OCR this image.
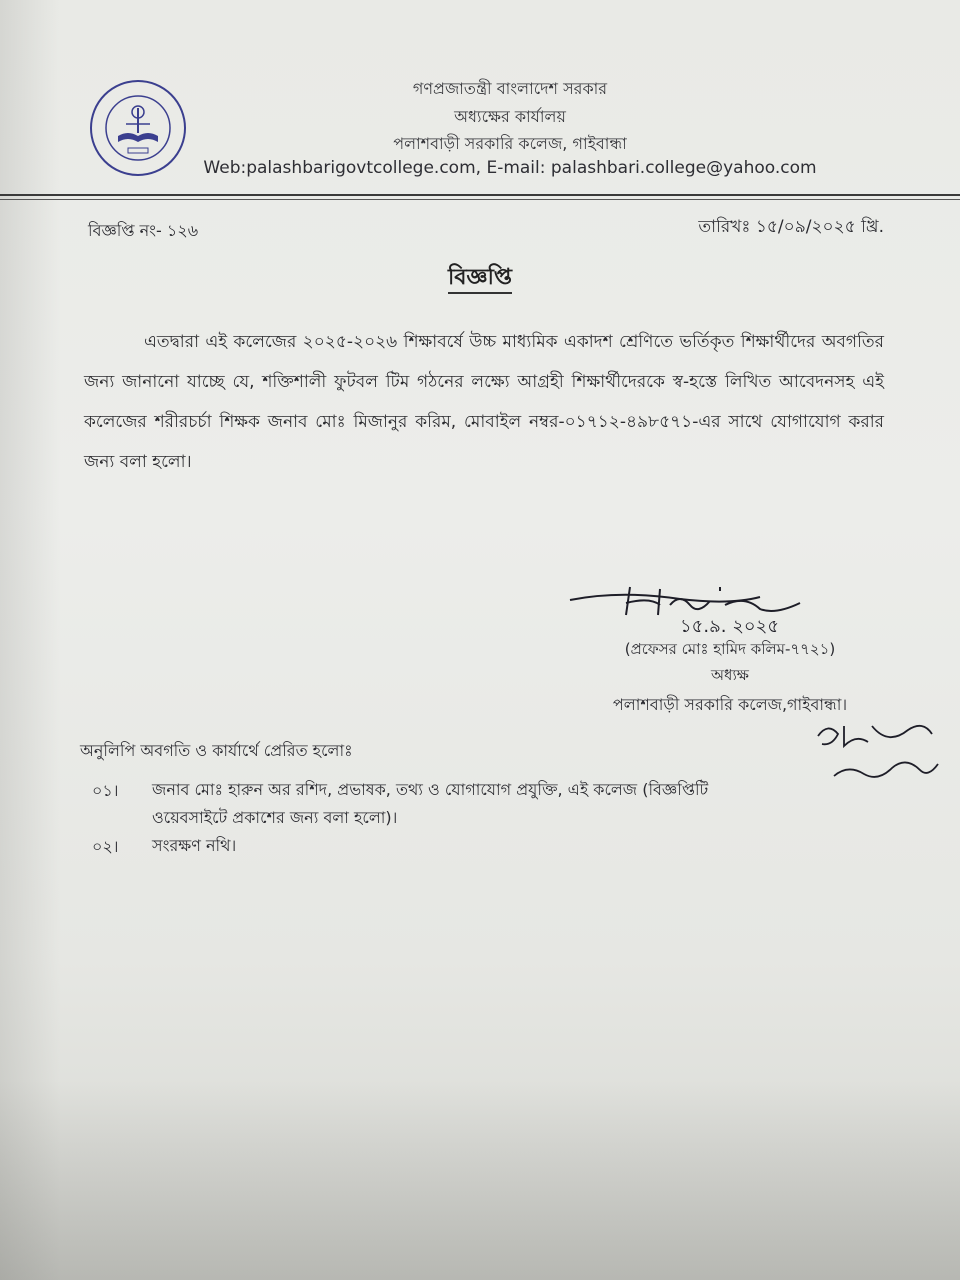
গণপ্রজাতন্ত্রী বাংলাদেশ সরকার
অধ্যক্ষের কার্যালয়
পলাশবাড়ী সরকারি কলেজ, গাইবান্ধা
Web:palashbarigovtcollege.com, E-mail: palashbari.college@yahoo.com
বিজ্ঞপ্তি নং- ১২৬	তারিখঃ ১৫/০৯/২০২৫ খ্রি.
বিজ্ঞপ্তি
এতদ্বারা এই কলেজের ২০২৫-২০২৬ শিক্ষাবর্ষে উচ্চ মাধ্যমিক একাদশ শ্রেণিতে ভর্তিকৃত শিক্ষার্থীদের অবগতির জন্য জানানো যাচ্ছে যে, শক্তিশালী ফুটবল টিম গঠনের লক্ষ্যে আগ্রহী শিক্ষার্থীদেরকে স্ব-হস্তে লিখিত আবেদনসহ এই কলেজের শরীরচর্চা শিক্ষক জনাব মোঃ মিজানুর করিম, মোবাইল নম্বর-০১৭১২-৪৯৮৫৭১-এর সাথে যোগাযোগ করার জন্য বলা হলো।
১৫.৯. ২০২৫
(প্রফেসর মোঃ হামিদ কলিম-৭৭২১)
অধ্যক্ষ
পলাশবাড়ী সরকারি কলেজ,গাইবান্ধা।
অনুলিপি অবগতি ও কার্যার্থে প্রেরিত হলোঃ
০১। জনাব মোঃ হারুন অর রশিদ, প্রভাষক, তথ্য ও যোগাযোগ প্রযুক্তি, এই কলেজ (বিজ্ঞপ্তিটি ওয়েবসাইটে প্রকাশের জন্য বলা হলো)।
০২। সংরক্ষণ নথি।
